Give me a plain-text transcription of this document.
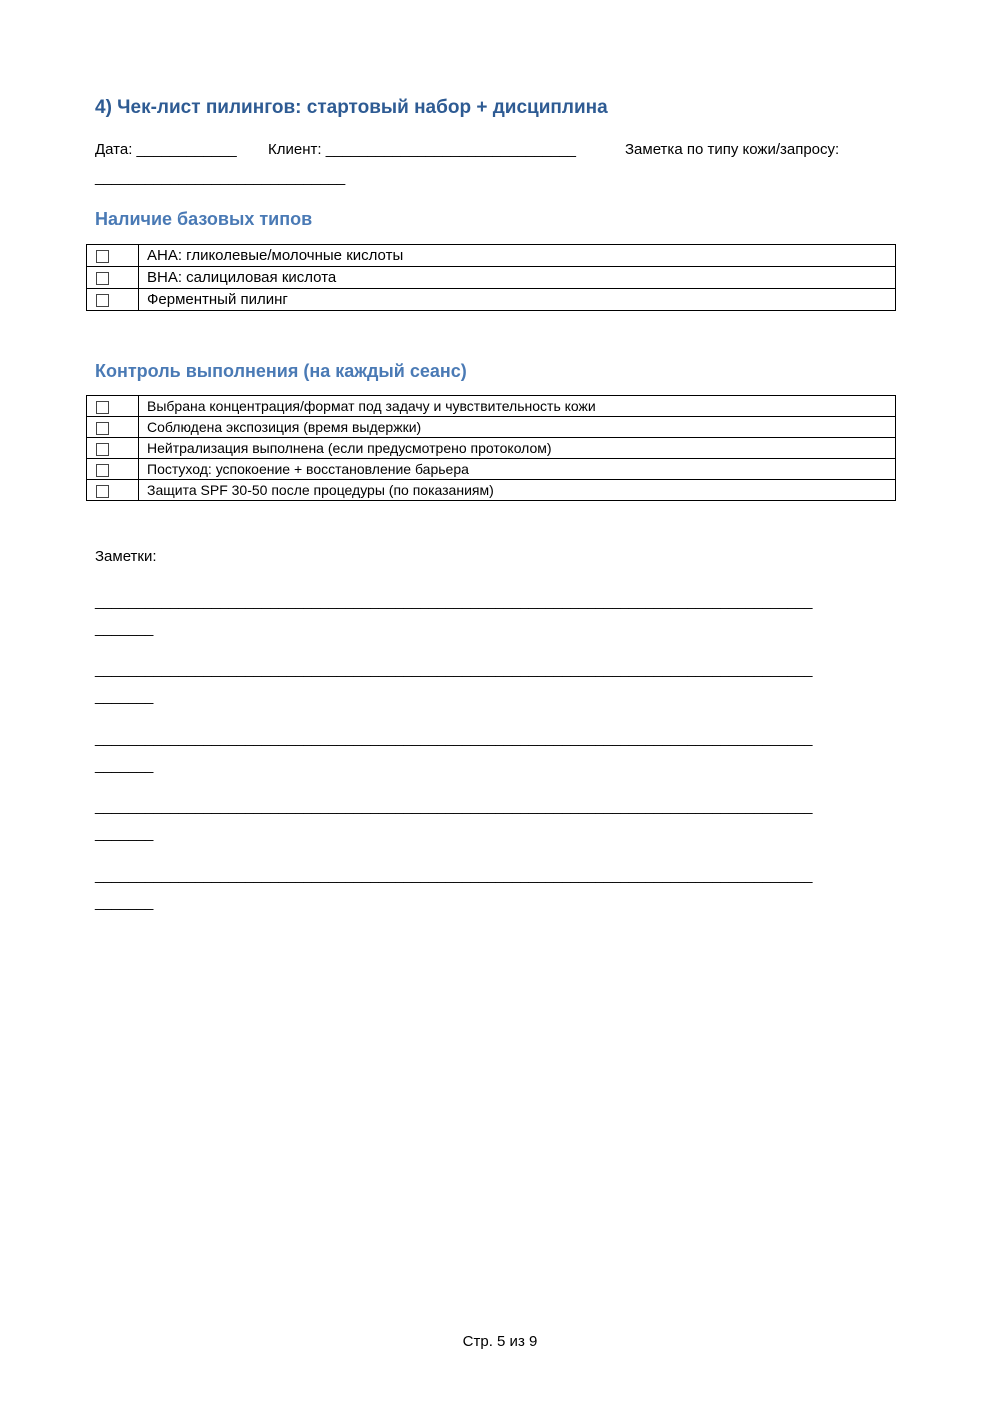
4) Чек-лист пилингов: стартовый набор + дисциплина
Дата: ____________ Клиент: ______________________________	Заметка по типу кожи/запросу:
______________________________
Наличие базовых типов
	AHA: гликолевые/молочные кислоты
	BHA: салициловая кислота
	Ферментный пилинг
Контроль выполнения (на каждый сеанс)
	Выбрана концентрация/формат под задачу и чувствительность кожи
	Соблюдена экспозиция (время выдержки)
	Нейтрализация выполнена (если предусмотрено протоколом)
	Постуход: успокоение + восстановление барьера
	Защита SPF 30-50 после процедуры (по показаниям)
Заметки:
______________________________________________________________________________________
_______
______________________________________________________________________________________
_______
______________________________________________________________________________________
_______
______________________________________________________________________________________
_______
______________________________________________________________________________________
_______
Стр. 5 из 9
